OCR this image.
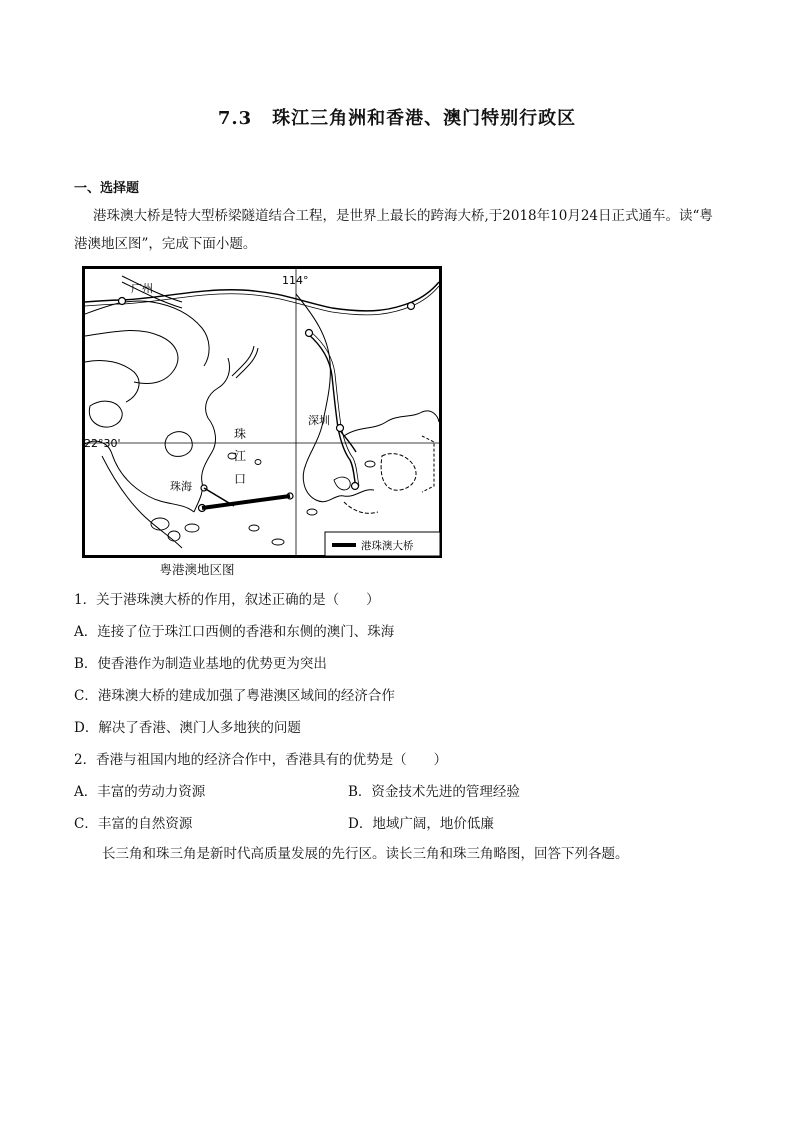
7.3 珠江三角洲和香港、澳门特别行政区
一、选择题
港珠澳大桥是特大型桥梁隧道结合工程，是世界上最长的跨海大桥,于2018年10月24日正式通车。读“粤港澳地区图”，完成下面小题。
114°
22°30'
广州
深圳
珠海
珠
江
口
港珠澳大桥
粤港澳地区图
1．关于港珠澳大桥的作用，叙述正确的是（　　）
A．连接了位于珠江口西侧的香港和东侧的澳门、珠海
B．使香港作为制造业基地的优势更为突出
C．港珠澳大桥的建成加强了粤港澳区域间的经济合作
D．解决了香港、澳门人多地狭的问题
2．香港与祖国内地的经济合作中，香港具有的优势是（　　）
A．丰富的劳动力资源	B．资金技术先进的管理经验
C．丰富的自然资源	D．地域广阔，地价低廉
长三角和珠三角是新时代高质量发展的先行区。读长三角和珠三角略图，回答下列各题。
